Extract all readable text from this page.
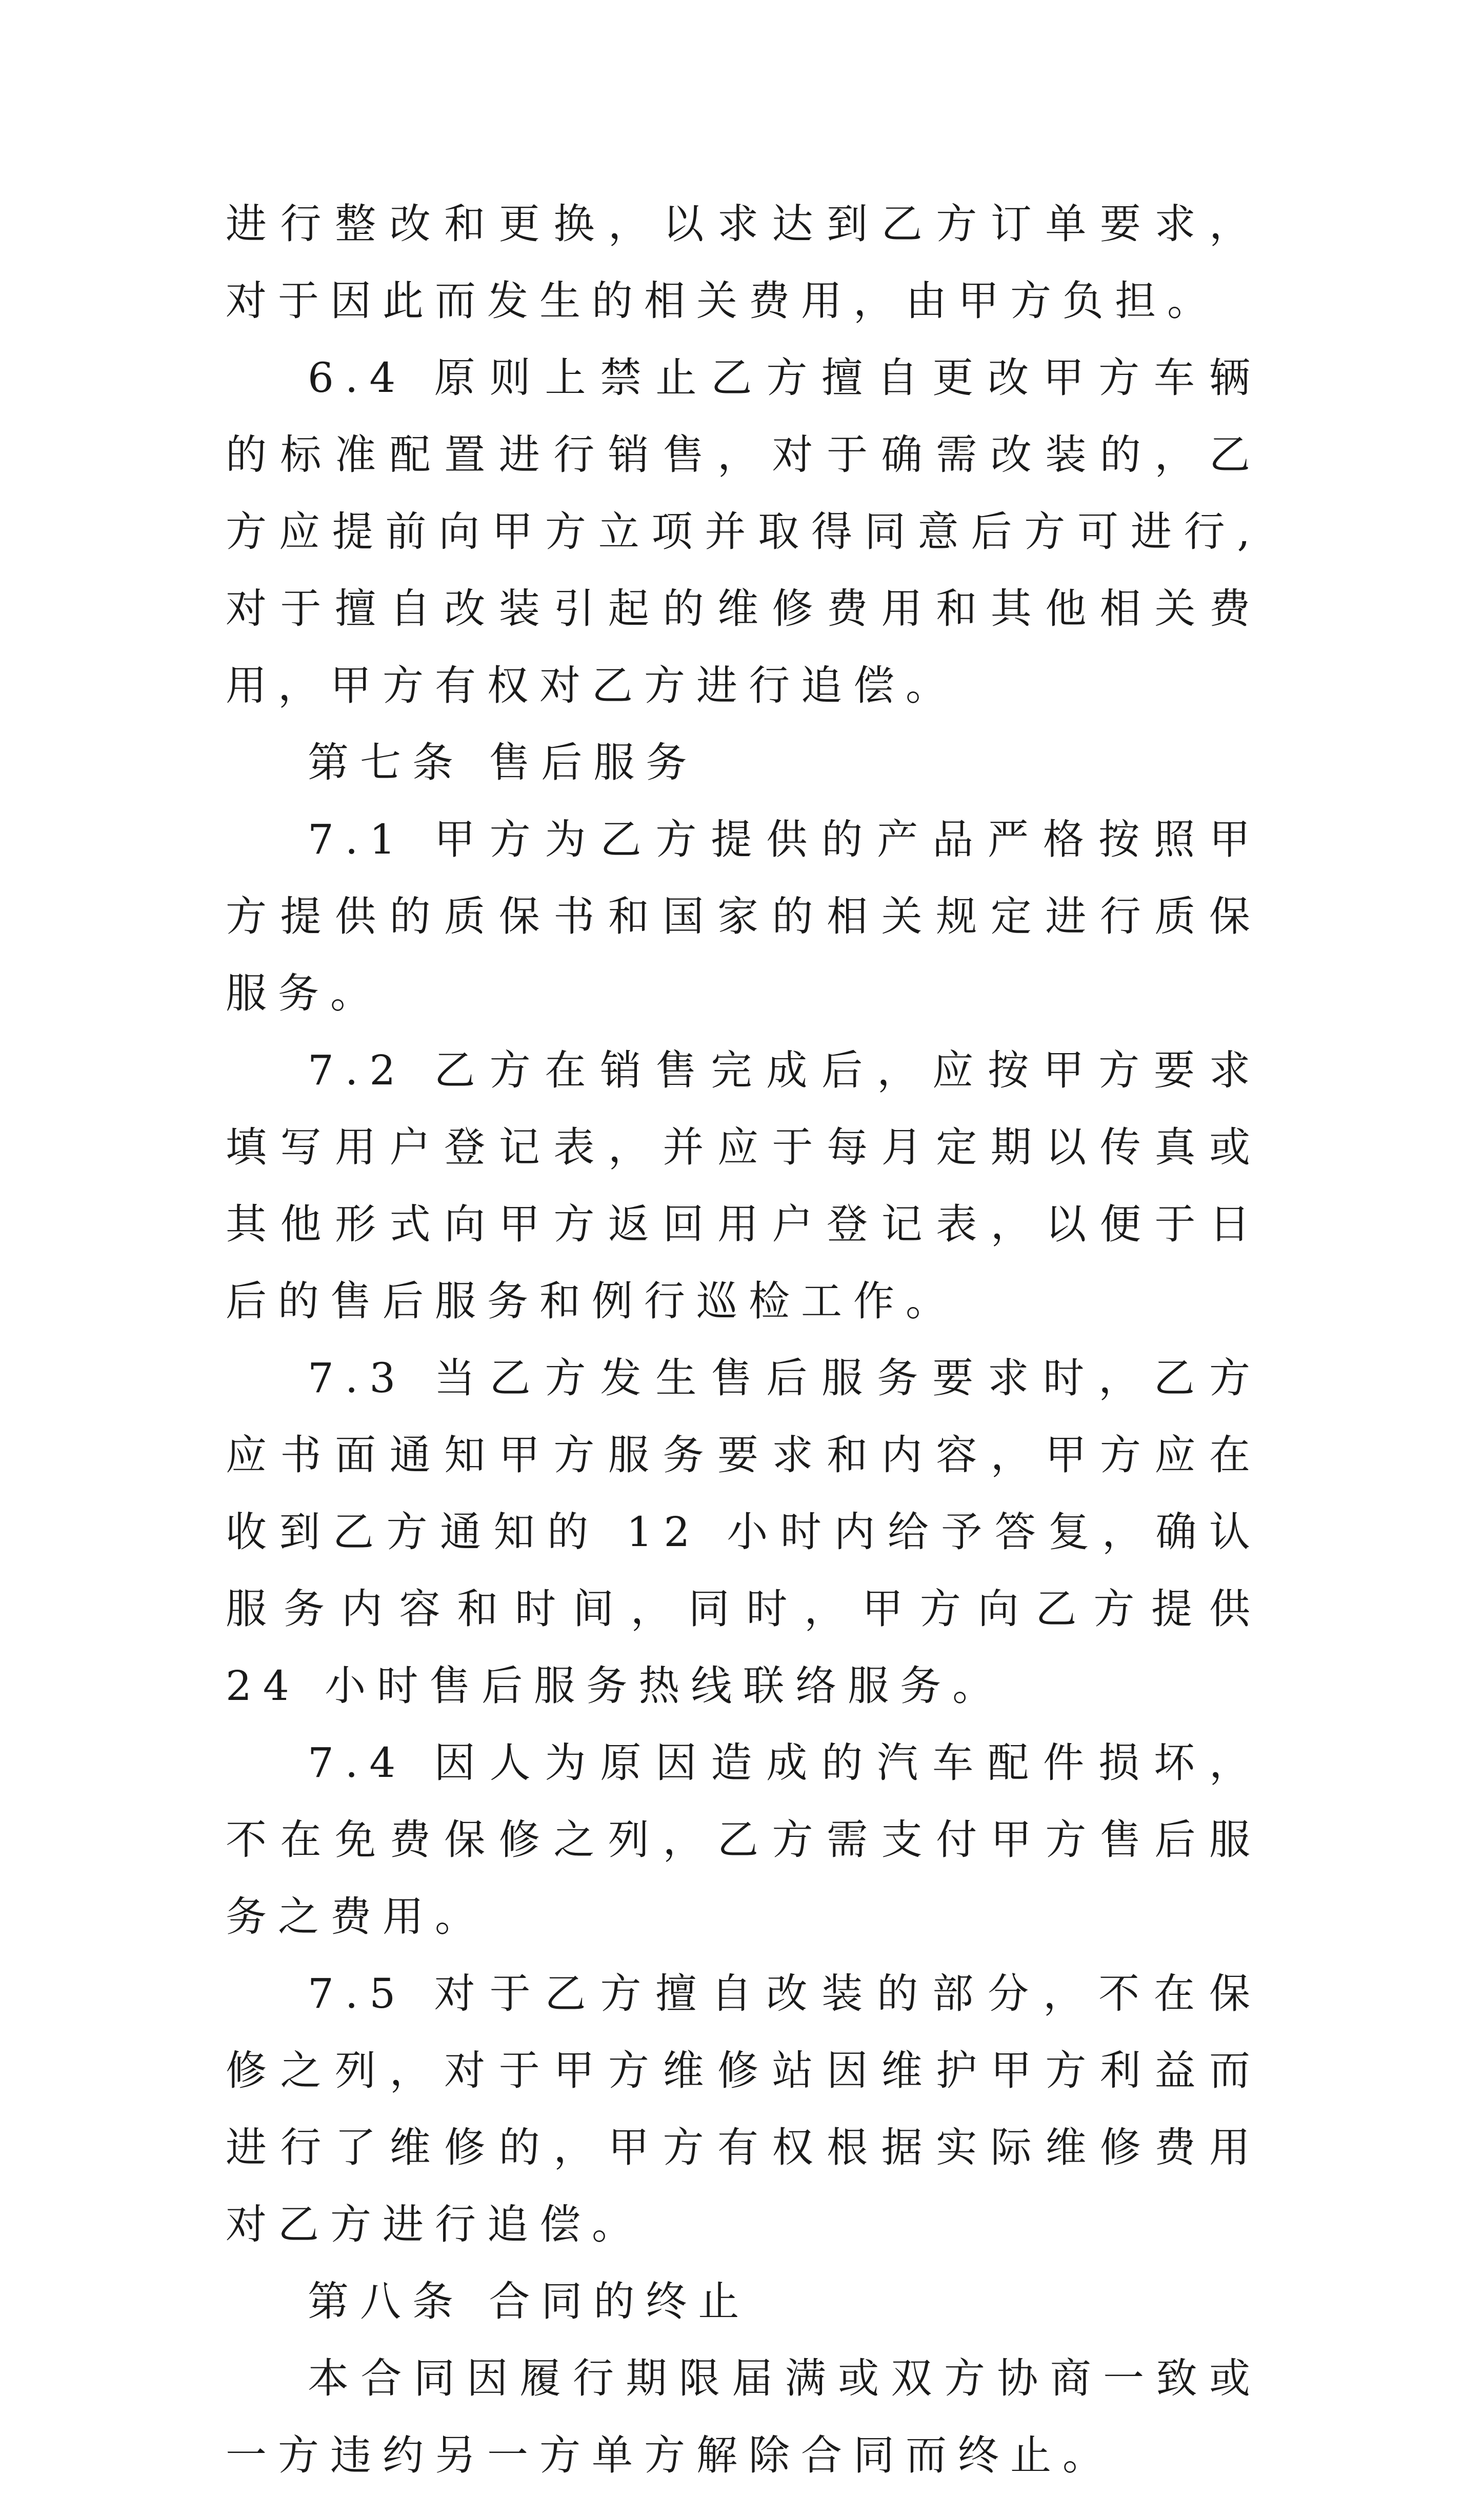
进行整改和更换，以求达到乙方订单要求，对于因此而发生的相关费用，由甲方负担。

6.4 原则上禁止乙方擅自更改甲方车辆的标准配置进行销售，对于确需改装的，乙方应提前向甲方立项并取得同意后方可进行,对于擅自改装引起的维修费用和其他相关费用，甲方有权对乙方进行追偿。

第七条 售后服务

7.1 甲方为乙方提供的产品严格按照甲方提供的质保书和国家的相关规定进行质保服务。

7.2 乙方在销售完成后，应按甲方要求填写用户登记表，并应于每月定期以传真或其他形式向甲方返回用户登记表，以便于日后的售后服务和例行巡检工作。

7.3 当乙方发生售后服务要求时，乙方应书面通知甲方服务要求和内容，甲方应在收到乙方通知的 12 小时内给予答复，确认服务内容和时间，同时，甲方向乙方提供 24 小时售后服务热线联络服务。

7.4 因人为原因造成的汽车配件损坏，不在免费保修之列，乙方需支付甲方售后服务之费用。

7.5 对于乙方擅自改装的部分，不在保修之列，对于甲方维修站因维护甲方利益而进行了维修的，甲方有权根据实际维修费用对乙方进行追偿。

第八条 合同的终止

本合同因履行期限届满或双方协商一致或一方违约另一方单方解除合同而终止。
